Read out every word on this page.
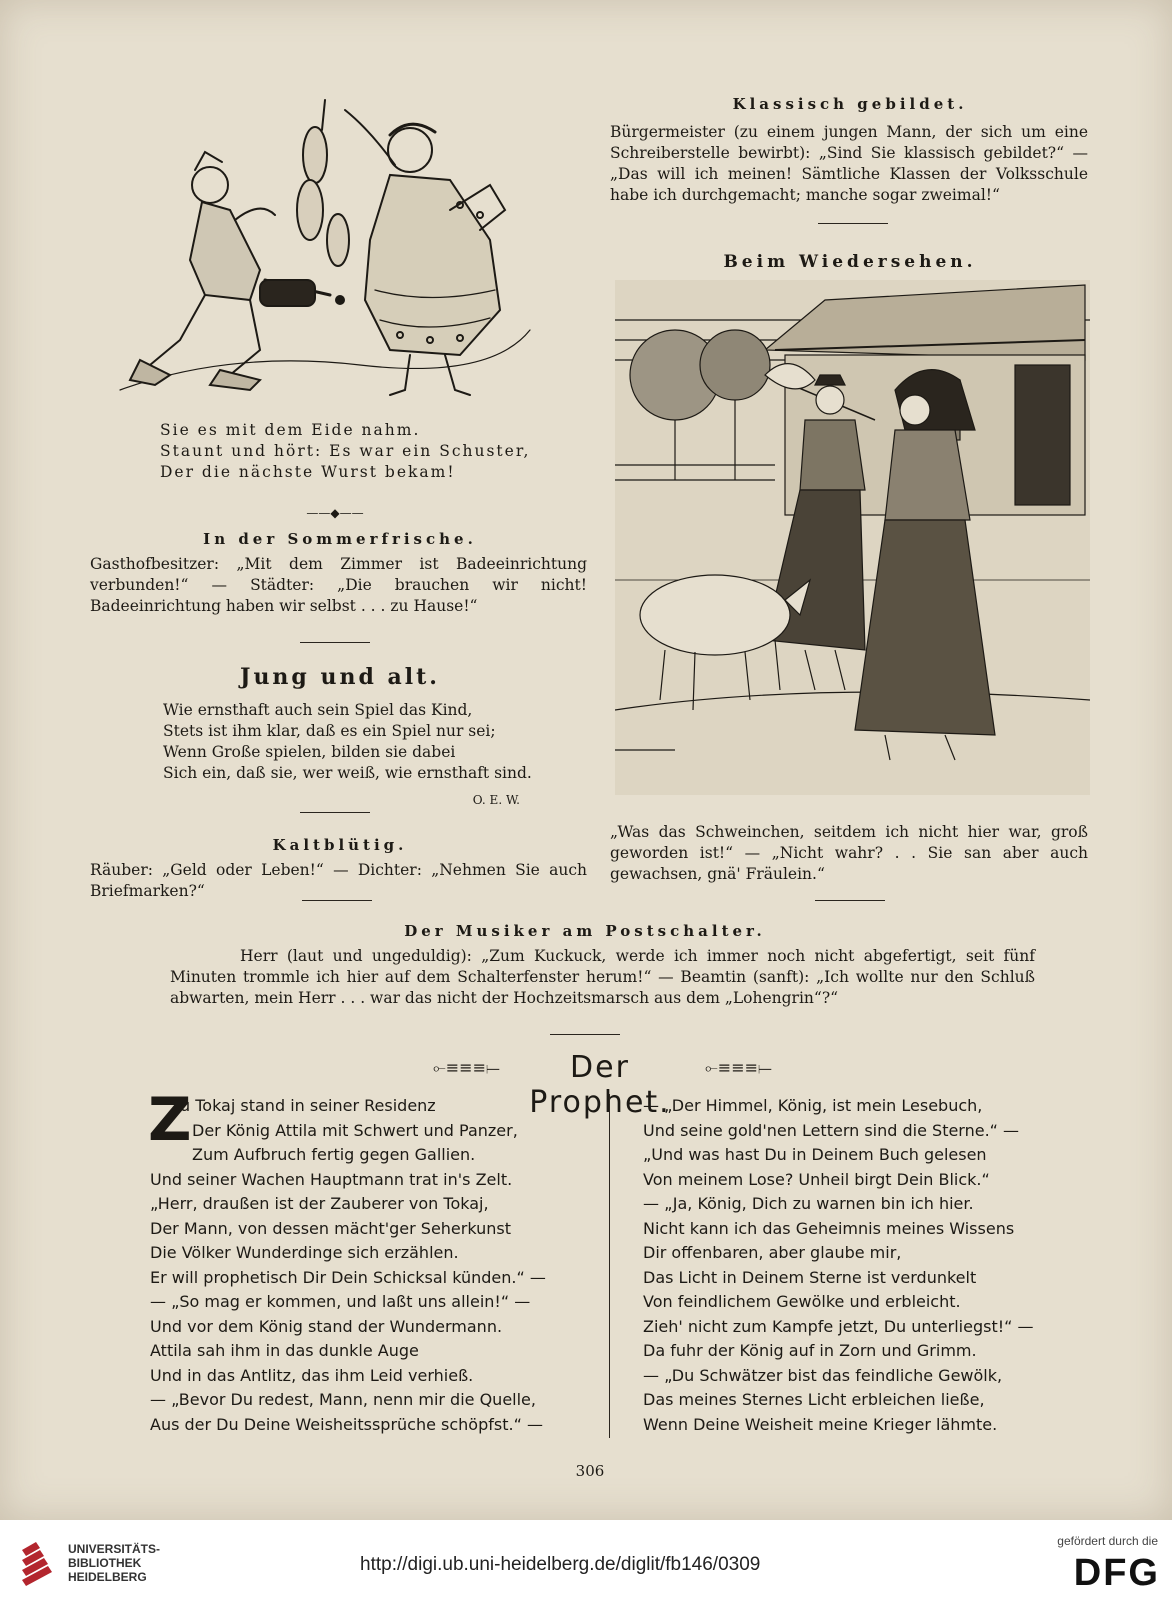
Sie es mit dem Eide nahm.
Staunt und hört: Es war ein Schuster,
Der die nächste Wurst bekam!
——◆——
In der Sommerfrische.
Gasthofbesitzer: „Mit dem Zimmer ist Badeeinrichtung verbunden!“ — Städter: „Die brauchen wir nicht! Badeeinrichtung haben wir selbst . . . zu Hause!“
Jung und alt.
Wie ernsthaft auch sein Spiel das Kind,
Stets ist ihm klar, daß es ein Spiel nur sei;
Wenn Große spielen, bilden sie dabei
Sich ein, daß sie, wer weiß, wie ernsthaft sind.
O. E. W.
Kaltblütig.
Räuber: „Geld oder Leben!“ — Dichter: „Nehmen Sie auch Briefmarken?“
Klassisch gebildet.
Bürgermeister (zu einem jungen Mann, der sich um eine Schreiberstelle bewirbt): „Sind Sie klassisch gebildet?“ — „Das will ich meinen! Sämtliche Klassen der Volksschule habe ich durchgemacht; manche sogar zweimal!“
Beim Wiedersehen.
„Was das Schweinchen, seitdem ich nicht hier war, groß geworden ist!“ — „Nicht wahr? . . Sie san aber auch gewachsen, gnä' Fräulein.“
Der Musiker am Postschalter.
Herr (laut und ungeduldig): „Zum Kuckuck, werde ich immer noch nicht abgefertigt, seit fünf Minuten trommle ich hier auf dem Schalterfenster herum!“ — Beamtin (sanft): „Ich wollte nur den Schluß abwarten, mein Herr . . . war das nicht der Hochzeitsmarsch aus dem „Lohengrin“?“
⟜≡≡≡⟝	Der Prophet.
⟜≡≡≡⟝
Z
u Tokaj stand in seiner Residenz
Der König Attila mit Schwert und Panzer,
Zum Aufbruch fertig gegen Gallien.
Und seiner Wachen Hauptmann trat in's Zelt.
„Herr, draußen ist der Zauberer von Tokaj,
Der Mann, von dessen mächt'ger Seherkunst
Die Völker Wunderdinge sich erzählen.
Er will prophetisch Dir Dein Schicksal künden.“ —
— „So mag er kommen, und laßt uns allein!“ —
Und vor dem König stand der Wundermann.
Attila sah ihm in das dunkle Auge
Und in das Antlitz, das ihm Leid verhieß.
— „Bevor Du redest, Mann, nenn mir die Quelle,
Aus der Du Deine Weisheitssprüche schöpfst.“ —
— „Der Himmel, König, ist mein Lesebuch,
Und seine gold'nen Lettern sind die Sterne.“ —
„Und was hast Du in Deinem Buch gelesen
Von meinem Lose? Unheil birgt Dein Blick.“
— „Ja, König, Dich zu warnen bin ich hier.
Nicht kann ich das Geheimnis meines Wissens
Dir offenbaren, aber glaube mir,
Das Licht in Deinem Sterne ist verdunkelt
Von feindlichem Gewölke und erbleicht.
Zieh' nicht zum Kampfe jetzt, Du unterliegst!“ —
Da fuhr der König auf in Zorn und Grimm.
— „Du Schwätzer bist das feindliche Gewölk,
Das meines Sternes Licht erbleichen ließe,
Wenn Deine Weisheit meine Krieger lähmte.
306
UNIVERSITÄTS-
BIBLIOTHEK
HEIDELBERG
http://digi.ub.uni-heidelberg.de/diglit/fb146/0309
gefördert durch die
DFG
